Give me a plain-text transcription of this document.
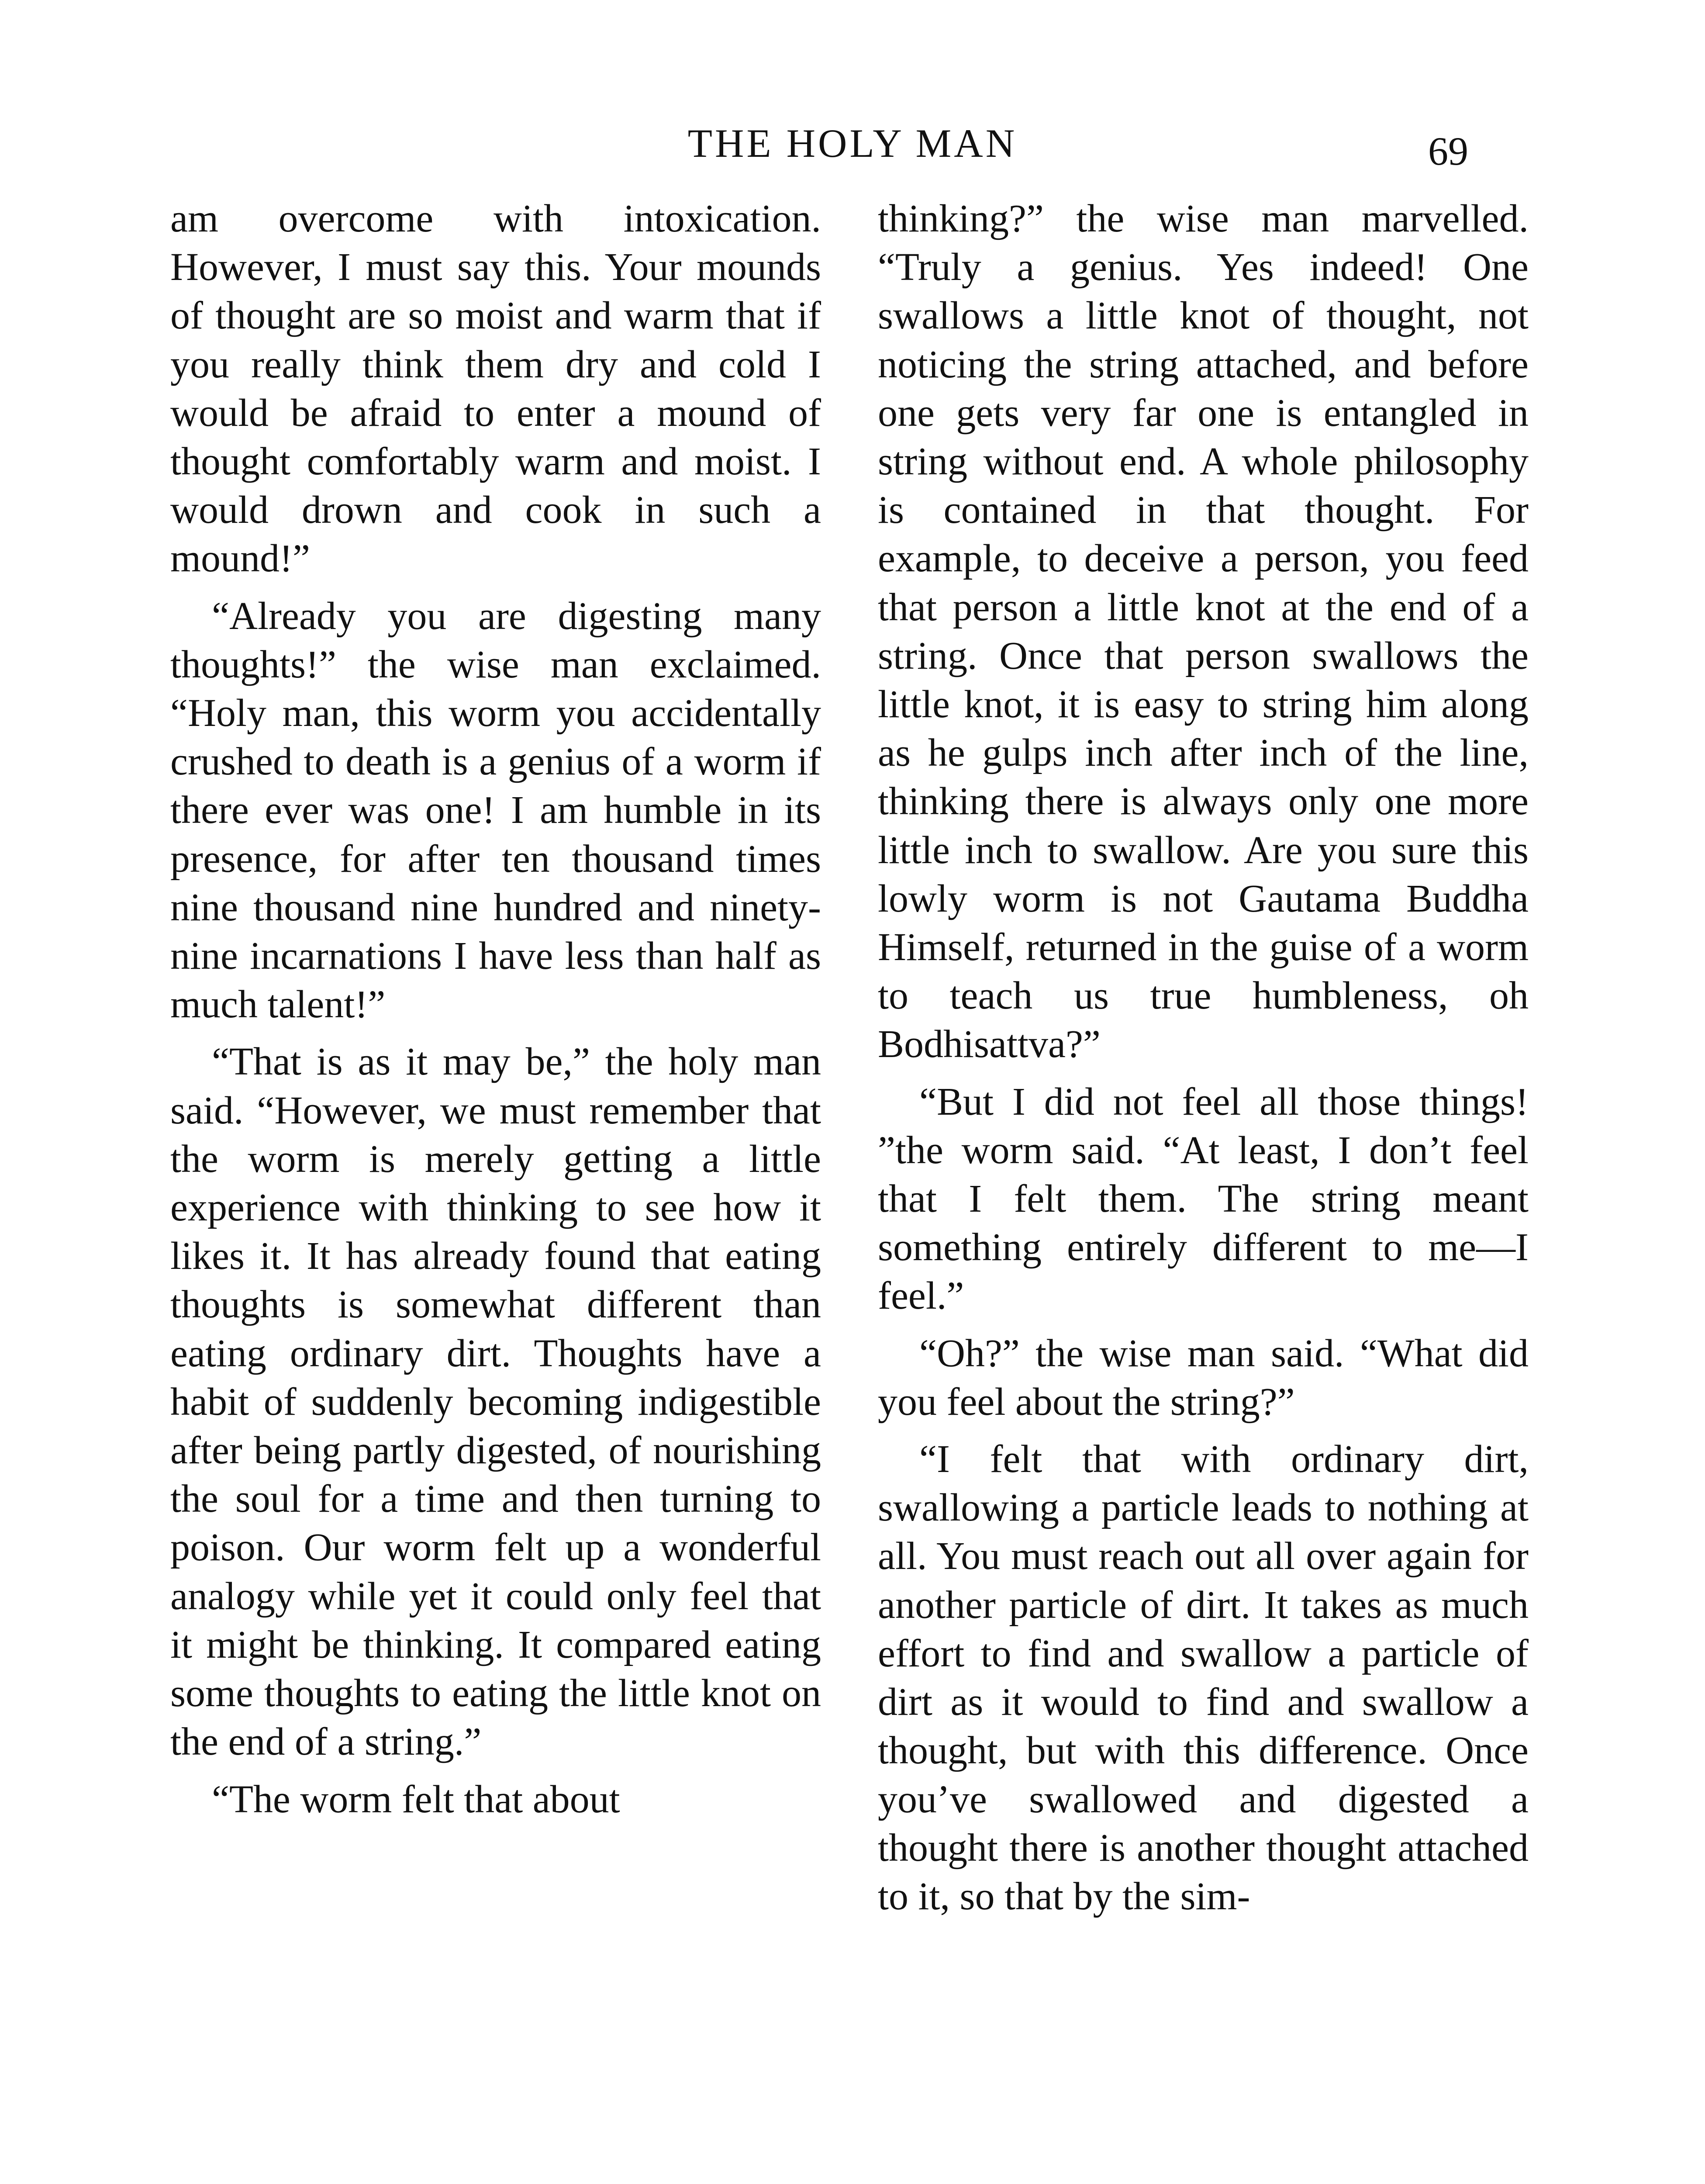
THE HOLY MAN	69

am overcome with intoxication. However, I must say this. Your mounds of thought are so moist and warm that if you really think them dry and cold I would be afraid to enter a mound of thought comfortably warm and moist. I would drown and cook in such a mound!”

“Already you are digesting many thoughts!” the wise man exclaimed. “Holy man, this worm you accidentally crushed to death is a genius of a worm if there ever was one! I am humble in its presence, for after ten thousand times nine thousand nine hundred and ninety-nine incarnations I have less than half as much talent!”

“That is as it may be,” the holy man said. “However, we must remember that the worm is merely getting a little experience with thinking to see how it likes it. It has already found that eating thoughts is somewhat different than eating ordinary dirt. Thoughts have a habit of suddenly becoming indigestible after being partly digested, of nourishing the soul for a time and then turning to poison. Our worm felt up a wonderful analogy while yet it could only feel that it might be thinking. It compared eating some thoughts to eating the little knot on the end of a string.”

“The worm felt that about

thinking?” the wise man marvelled. “Truly a genius. Yes indeed! One swallows a little knot of thought, not noticing the string attached, and before one gets very far one is entangled in string without end. A whole philosophy is contained in that thought. For example, to deceive a person, you feed that person a little knot at the end of a string. Once that person swallows the little knot, it is easy to string him along as he gulps inch after inch of the line, thinking there is always only one more little inch to swallow. Are you sure this lowly worm is not Gautama Buddha Himself, returned in the guise of a worm to teach us true humbleness, oh Bodhisattva?”

“But I did not feel all those things! ”the worm said. “At least, I don’t feel that I felt them. The string meant something entirely different to me—I feel.”

“Oh?” the wise man said. “What did you feel about the string?”

“I felt that with ordinary dirt, swallowing a particle leads to nothing at all. You must reach out all over again for another particle of dirt. It takes as much effort to find and swallow a particle of dirt as it would to find and swallow a thought, but with this difference. Once you’ve swallowed and digested a thought there is another thought attached to it, so that by the sim-
